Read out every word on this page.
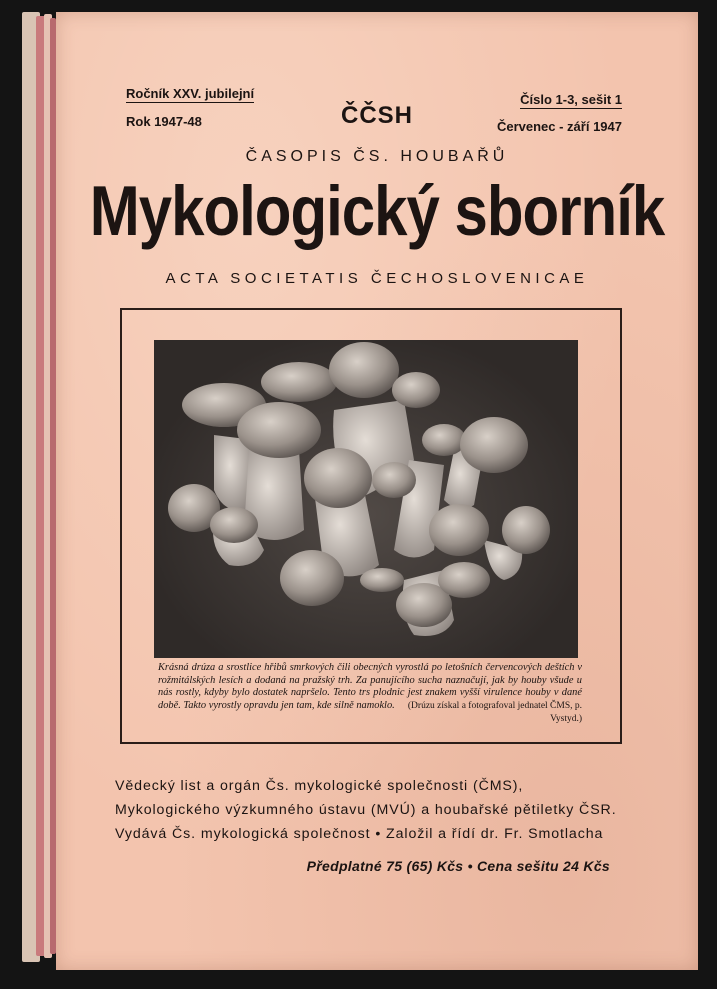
Ročník XXV. jubilejní
Rok 1947-48	ČČSH
Číslo 1-3, sešit 1
Červenec - září 1947
ČASOPIS ČS. HOUBAŘŮ
Mykologický sborník
ACTA SOCIETATIS ČECHOSLOVENICAE
Krásná drúza a srostlice hřibů smrkových čili obecných vyrostlá po letošních červencových deštích v rožmitálských lesích a dodaná na pražský trh. Za panujícího sucha naznačují, jak by houby všude u nás rostly, kdyby bylo dostatek napršelo. Tento trs plodnic jest znakem vyšší virulence houby v dané době. Takto vyrostly opravdu jen tam, kde silně namoklo.	(Drúzu získal a fotografoval jednatel ČMS, p. Vystyd.)
Vědecký list a orgán Čs. mykologické společnosti (ČMS),
Mykologického výzkumného ústavu (MVÚ) a houbařské pětiletky ČSR.
Vydává Čs. mykologická společnost • Založil a řídí dr. Fr. Smotlacha
Předplatné 75 (65) Kčs • Cena sešitu 24 Kčs
